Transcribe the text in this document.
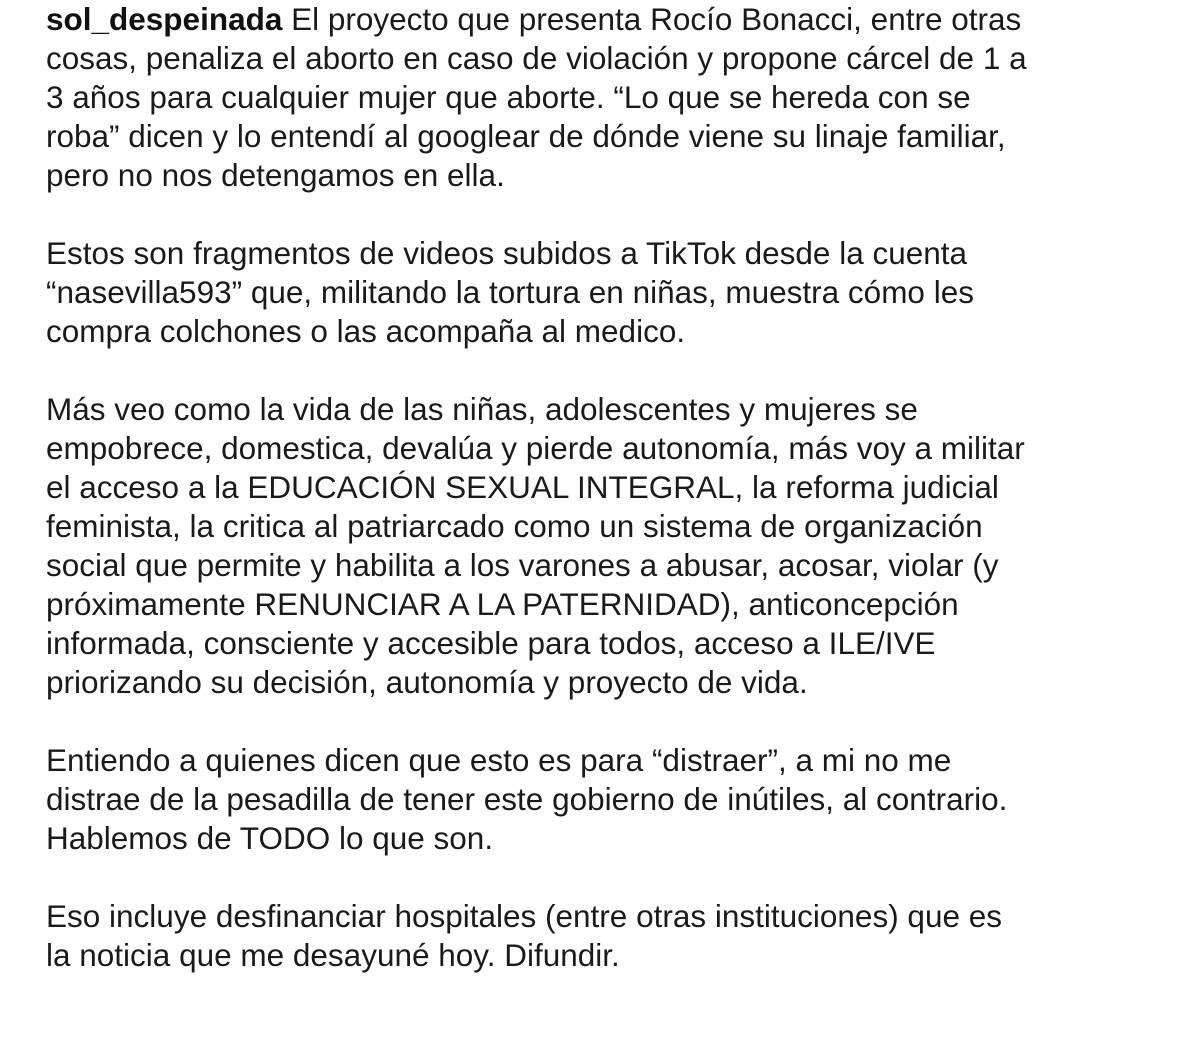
sol_despeinada El proyecto que presenta Rocío Bonacci, entre otras
cosas, penaliza el aborto en caso de violación y propone cárcel de 1 a
3 años para cualquier mujer que aborte. “Lo que se hereda con se
roba” dicen y lo entendí al googlear de dónde viene su linaje familiar,
pero no nos detengamos en ella.

Estos son fragmentos de videos subidos a TikTok desde la cuenta
“nasevilla593” que, militando la tortura en niñas, muestra cómo les
compra colchones o las acompaña al medico.

Más veo como la vida de las niñas, adolescentes y mujeres se
empobrece, domestica, devalúa y pierde autonomía, más voy a militar
el acceso a la EDUCACIÓN SEXUAL INTEGRAL, la reforma judicial
feminista, la critica al patriarcado como un sistema de organización
social que permite y habilita a los varones a abusar, acosar, violar (y
próximamente RENUNCIAR A LA PATERNIDAD), anticoncepción
informada, consciente y accesible para todos, acceso a ILE/IVE
priorizando su decisión, autonomía y proyecto de vida.

Entiendo a quienes dicen que esto es para “distraer”, a mi no me
distrae de la pesadilla de tener este gobierno de inútiles, al contrario.
Hablemos de TODO lo que son.

Eso incluye desfinanciar hospitales (entre otras instituciones) que es
la noticia que me desayuné hoy. Difundir.
